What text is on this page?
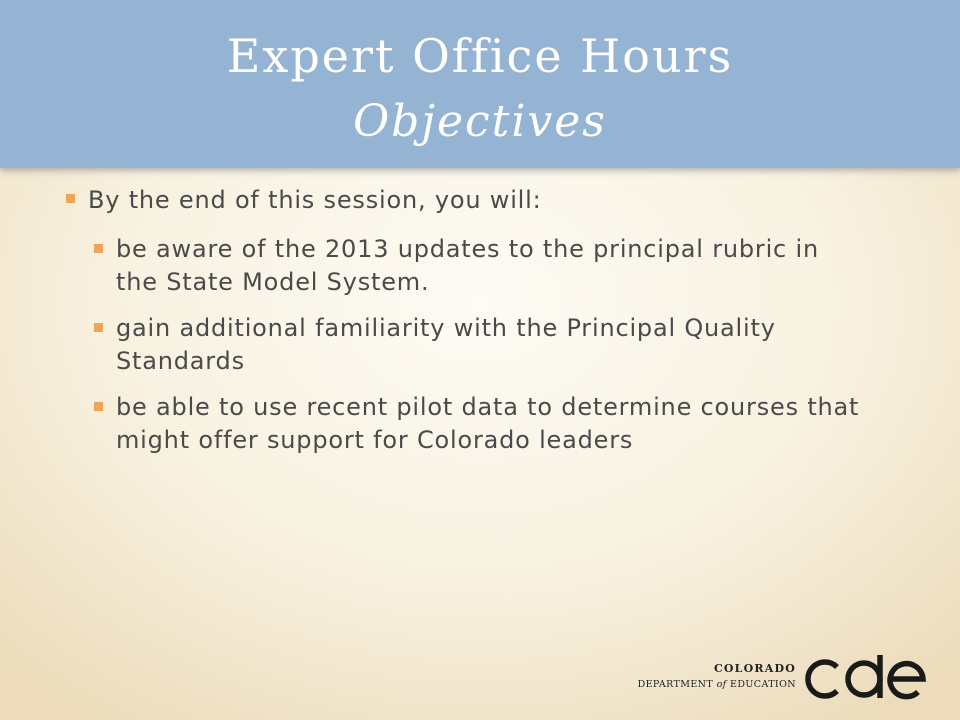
Expert Office Hours
Objectives
By the end of this session, you will:
be aware of the 2013 updates to the principal rubric in the State Model System.
gain additional familiarity with the Principal Quality Standards
be able to use recent pilot data to determine courses that might offer support for Colorado leaders
COLORADO
DEPARTMENT of EDUCATION
